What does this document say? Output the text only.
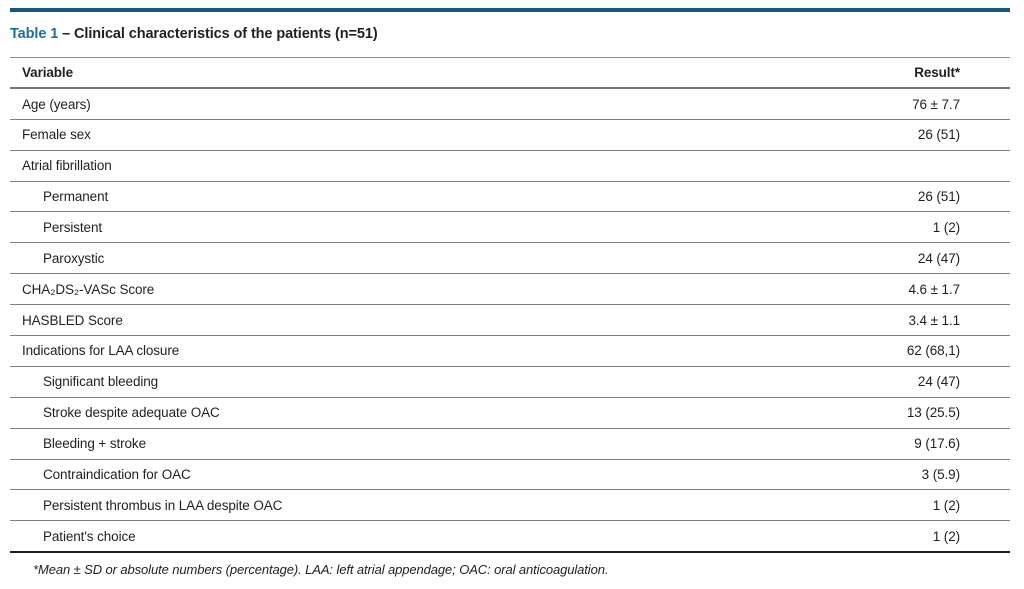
Table 1 – Clinical characteristics of the patients (n=51)
Variable	Result*
Age (years)	76 ± 7.7
Female sex	26 (51)
Atrial fibrillation	
Permanent	26 (51)
Persistent	1 (2)
Paroxystic	24 (47)
CHA₂DS₂-VASc Score	4.6 ± 1.7
HASBLED Score	3.4 ± 1.1
Indications for LAA closure	62 (68,1)
Significant bleeding	24 (47)
Stroke despite adequate OAC	13 (25.5)
Bleeding + stroke	9 (17.6)
Contraindication for OAC	3 (5.9)
Persistent thrombus in LAA despite OAC	1 (2)
Patient's choice	1 (2)
*Mean ± SD or absolute numbers (percentage). LAA: left atrial appendage; OAC: oral anticoagulation.
